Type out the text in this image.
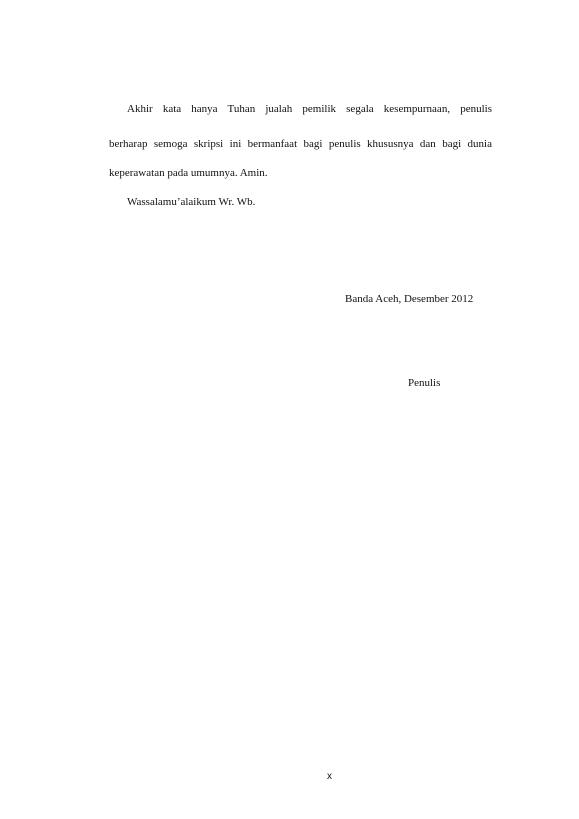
Akhir kata hanya Tuhan jualah pemilik segala kesempurnaan, penulis
berharap semoga skripsi ini bermanfaat bagi penulis khususnya dan bagi dunia
keperawatan pada umumnya. Amin.
Wassalamu’alaikum Wr. Wb.
Banda Aceh, Desember 2012
Penulis
x
